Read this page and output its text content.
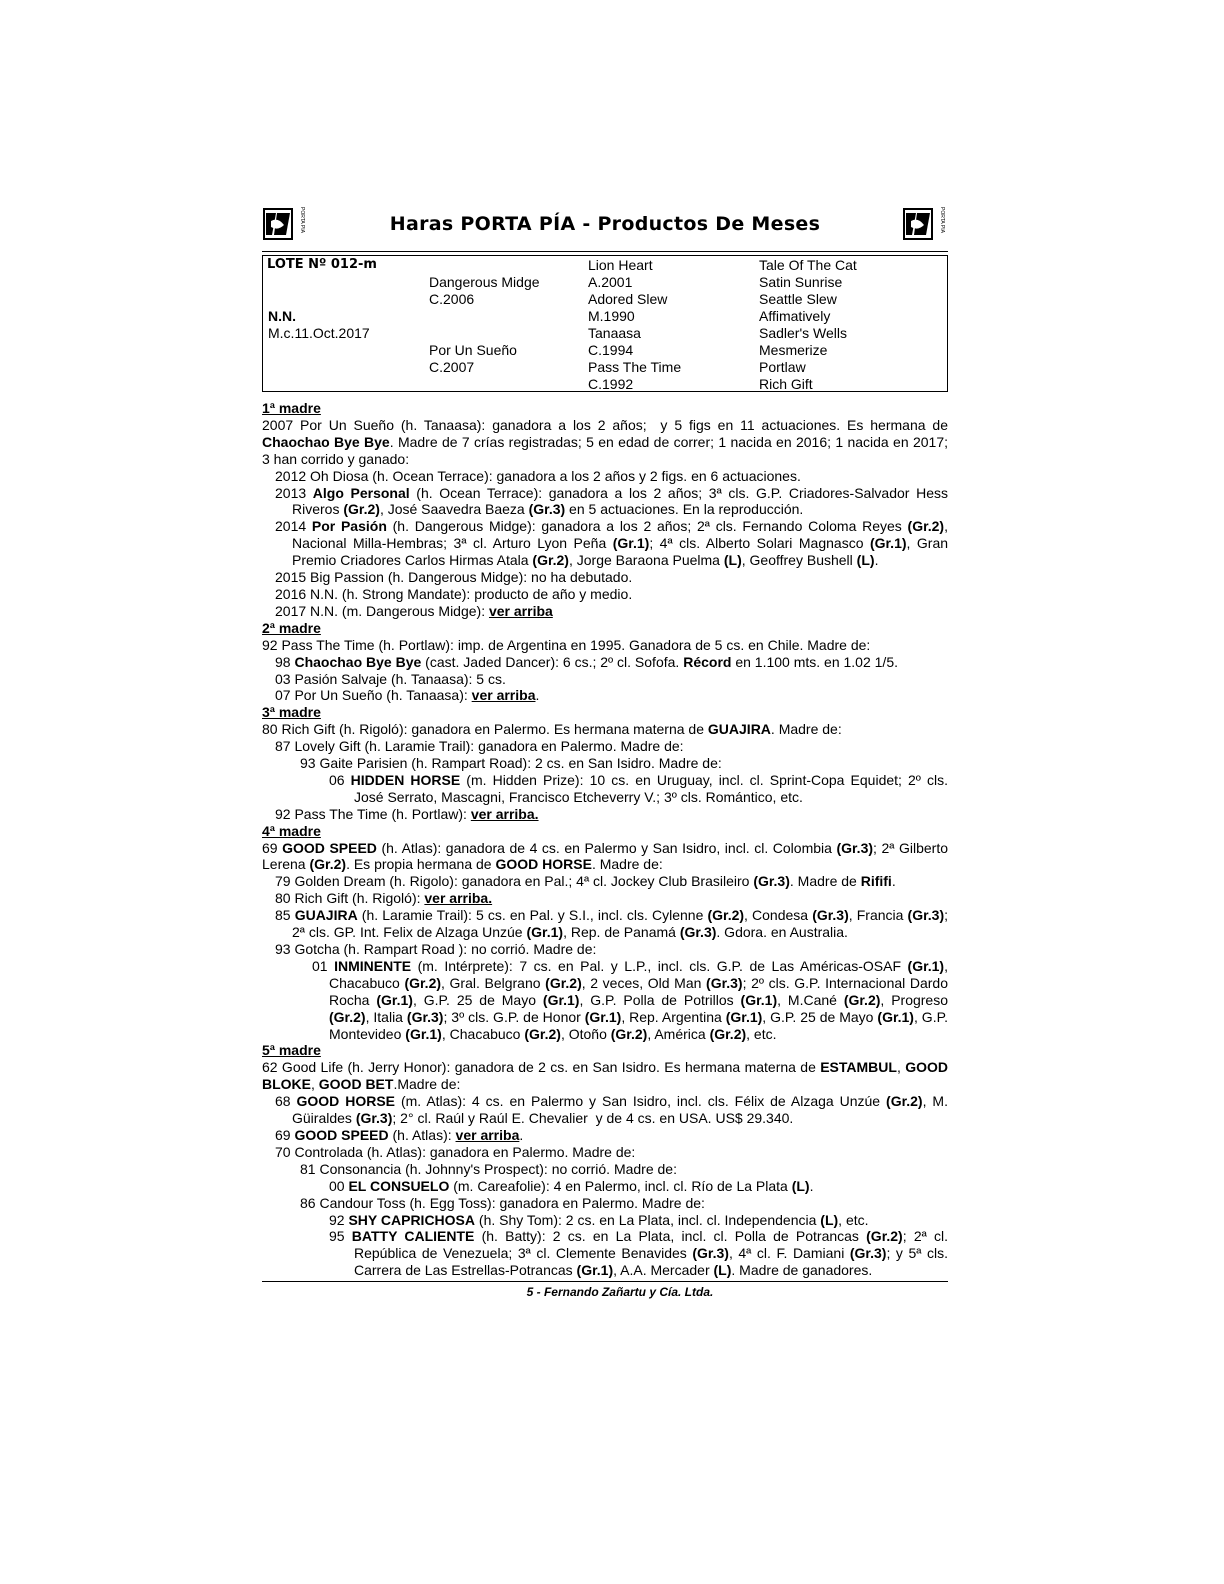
PORTA PIA	Haras PORTA PÍA - Productos De Meses	PORTA PIA
LOTE Nº 012-m
N.N.
M.c.11.Oct.2017
Dangerous Midge
C.2006
Por Un Sueño
C.2007
Lion Heart
A.2001
Adored Slew
M.1990
Tanaasa
C.1994
Pass The Time
C.1992
Tale Of The Cat
Satin Sunrise
Seattle Slew
Affimatively
Sadler's Wells
Mesmerize
Portlaw
Rich Gift
1ª madre
2007 Por Un Sueño (h. Tanaasa): ganadora a los 2 años;  y 5 figs en 11 actuaciones. Es hermana de Chaochao Bye Bye. Madre de 7 crías registradas; 5 en edad de correr; 1 nacida en 2016; 1 nacida en 2017; 3 han corrido y ganado:
2012 Oh Diosa (h. Ocean Terrace): ganadora a los 2 años y 2 figs. en 6 actuaciones.
2013 Algo Personal (h. Ocean Terrace): ganadora a los 2 años; 3ª cls. G.P. Criadores-Salvador Hess Riveros (Gr.2), José Saavedra Baeza (Gr.3) en 5 actuaciones. En la reproducción.
2014 Por Pasión (h. Dangerous Midge): ganadora a los 2 años; 2ª cls. Fernando Coloma Reyes (Gr.2), Nacional Milla-Hembras; 3ª cl. Arturo Lyon Peña (Gr.1); 4ª cls. Alberto Solari Magnasco (Gr.1), Gran Premio Criadores Carlos Hirmas Atala (Gr.2), Jorge Baraona Puelma (L), Geoffrey Bushell (L).
2015 Big Passion (h. Dangerous Midge): no ha debutado.
2016 N.N. (h. Strong Mandate): producto de año y medio.
2017 N.N. (m. Dangerous Midge): ver arriba
2ª madre
92 Pass The Time (h. Portlaw): imp. de Argentina en 1995. Ganadora de 5 cs. en Chile. Madre de:
98 Chaochao Bye Bye (cast. Jaded Dancer): 6 cs.; 2º cl. Sofofa. Récord en 1.100 mts. en 1.02 1/5.
03 Pasión Salvaje (h. Tanaasa): 5 cs.
07 Por Un Sueño (h. Tanaasa): ver arriba.
3ª madre
80 Rich Gift (h. Rigoló): ganadora en Palermo. Es hermana materna de GUAJIRA. Madre de:
87 Lovely Gift (h. Laramie Trail): ganadora en Palermo. Madre de:
93 Gaite Parisien (h. Rampart Road): 2 cs. en San Isidro. Madre de:
06 HIDDEN HORSE (m. Hidden Prize): 10 cs. en Uruguay, incl. cl. Sprint-Copa Equidet; 2º cls. José Serrato, Mascagni, Francisco Etcheverry V.; 3º cls. Romántico, etc.
92 Pass The Time (h. Portlaw): ver arriba.
4ª madre
69 GOOD SPEED (h. Atlas): ganadora de 4 cs. en Palermo y San Isidro, incl. cl. Colombia (Gr.3); 2ª Gilberto Lerena (Gr.2). Es propia hermana de GOOD HORSE. Madre de:
79 Golden Dream (h. Rigolo): ganadora en Pal.; 4ª cl. Jockey Club Brasileiro (Gr.3). Madre de Rififi.
80 Rich Gift (h. Rigoló): ver arriba.
85 GUAJIRA (h. Laramie Trail): 5 cs. en Pal. y S.I., incl. cls. Cylenne (Gr.2), Condesa (Gr.3), Francia (Gr.3); 2ª cls. GP. Int. Felix de Alzaga Unzúe (Gr.1), Rep. de Panamá (Gr.3). Gdora. en Australia.
93 Gotcha (h. Rampart Road ): no corrió. Madre de:
01 INMINENTE (m. Intérprete): 7 cs. en Pal. y L.P., incl. cls. G.P. de Las Américas-OSAF (Gr.1), Chacabuco (Gr.2), Gral. Belgrano (Gr.2), 2 veces, Old Man (Gr.3); 2º cls. G.P. Internacional Dardo Rocha (Gr.1), G.P. 25 de Mayo (Gr.1), G.P. Polla de Potrillos (Gr.1), M.Cané (Gr.2), Progreso (Gr.2), Italia (Gr.3); 3º cls. G.P. de Honor (Gr.1), Rep. Argentina (Gr.1), G.P. 25 de Mayo (Gr.1), G.P. Montevideo (Gr.1), Chacabuco (Gr.2), Otoño (Gr.2), América (Gr.2), etc.
5ª madre
62 Good Life (h. Jerry Honor): ganadora de 2 cs. en San Isidro. Es hermana materna de ESTAMBUL, GOOD BLOKE, GOOD BET.Madre de:
68 GOOD HORSE (m. Atlas): 4 cs. en Palermo y San Isidro, incl. cls. Félix de Alzaga Unzúe (Gr.2), M. Güiraldes (Gr.3); 2° cl. Raúl y Raúl E. Chevalier  y de 4 cs. en USA. US$ 29.340.
69 GOOD SPEED (h. Atlas): ver arriba.
70 Controlada (h. Atlas): ganadora en Palermo. Madre de:
81 Consonancia (h. Johnny's Prospect): no corrió. Madre de:
00 EL CONSUELO (m. Careafolie): 4 en Palermo, incl. cl. Río de La Plata (L).
86 Candour Toss (h. Egg Toss): ganadora en Palermo. Madre de:
92 SHY CAPRICHOSA (h. Shy Tom): 2 cs. en La Plata, incl. cl. Independencia (L), etc.
95 BATTY CALIENTE (h. Batty): 2 cs. en La Plata, incl. cl. Polla de Potrancas (Gr.2); 2ª cl. República de Venezuela; 3ª cl. Clemente Benavides (Gr.3), 4ª cl. F. Damiani (Gr.3); y 5ª cls. Carrera de Las Estrellas-Potrancas (Gr.1), A.A. Mercader (L). Madre de ganadores.
5 - Fernando Zañartu y Cía. Ltda.
